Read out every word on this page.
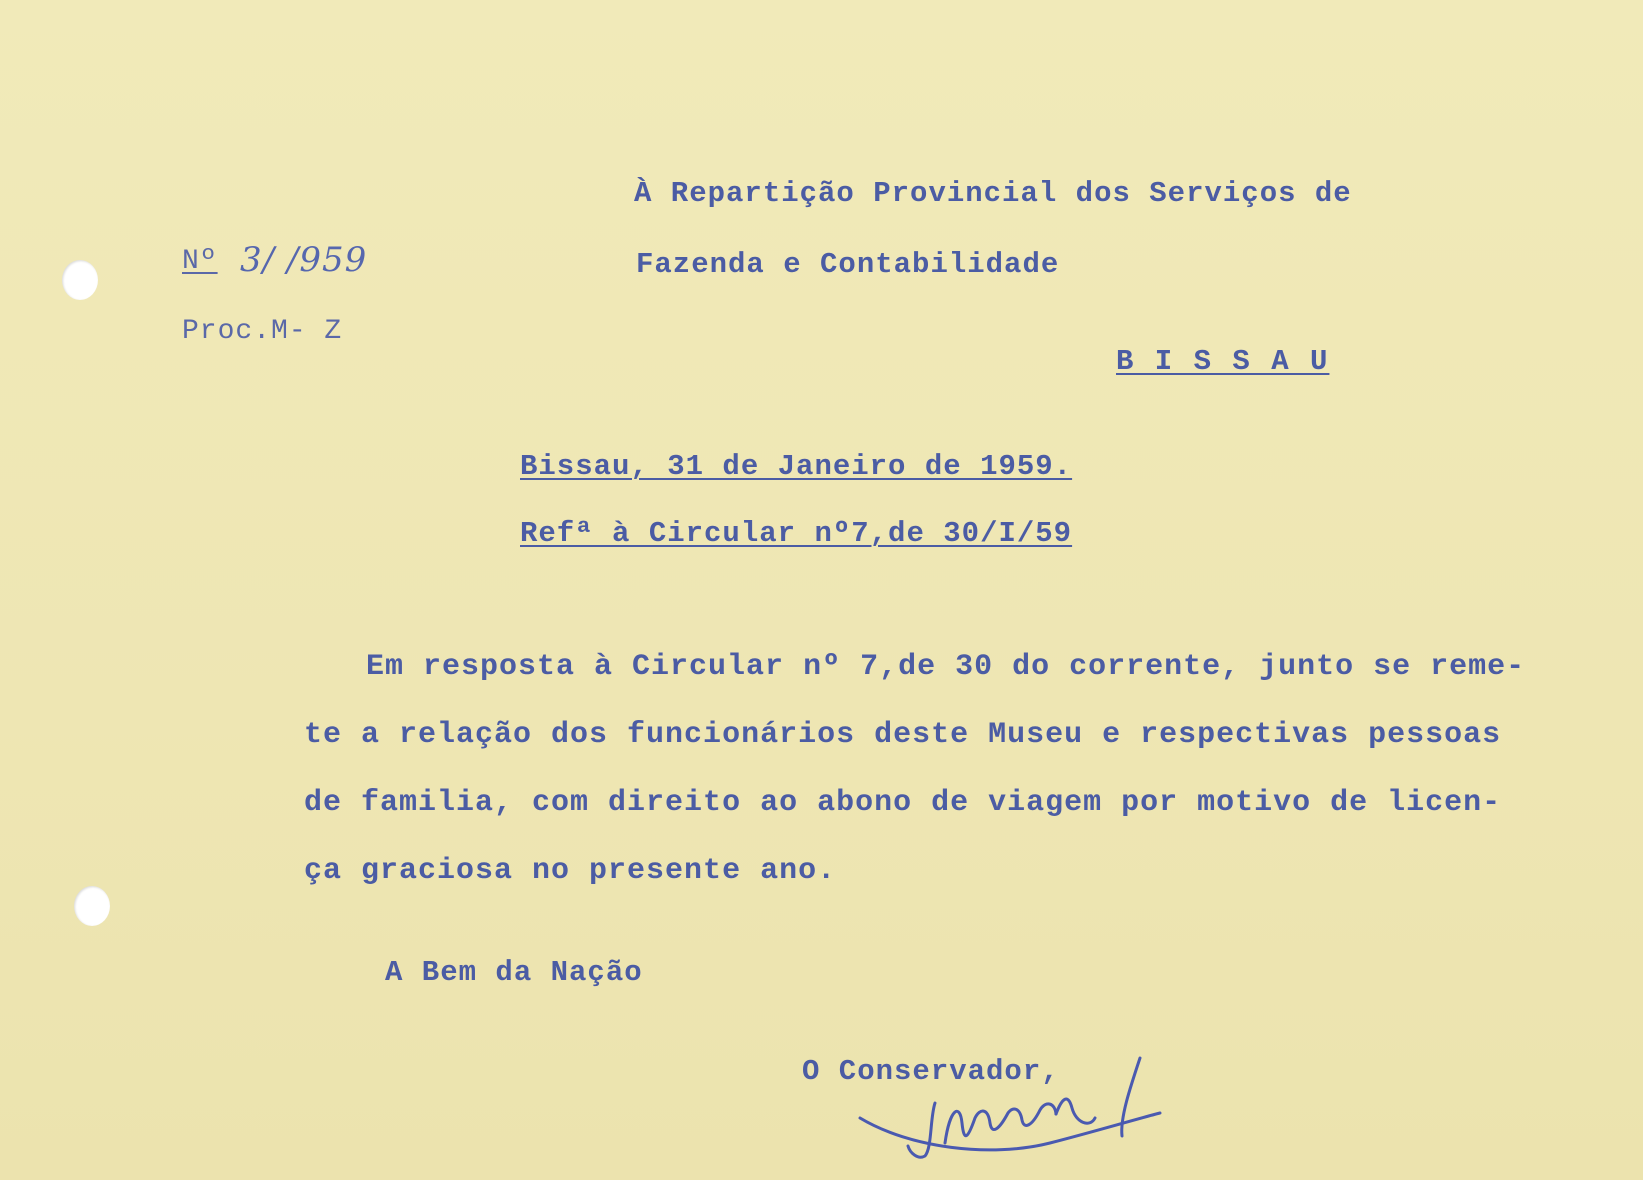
À Repartição Provincial dos Serviços de
Fazenda e Contabilidade
Nº 3/ /959
Proc.M- Z
B I S S A U
Bissau, 31 de Janeiro de 1959.
Refª à Circular nº7,de 30/I/59
Em resposta à Circular nº 7,de 30 do corrente, junto se reme-
te a relação dos funcionários deste Museu e respectivas pessoas
de familia, com direito ao abono de viagem por motivo de licen-
ça graciosa no presente ano.
A Bem da Nação
O Conservador,
